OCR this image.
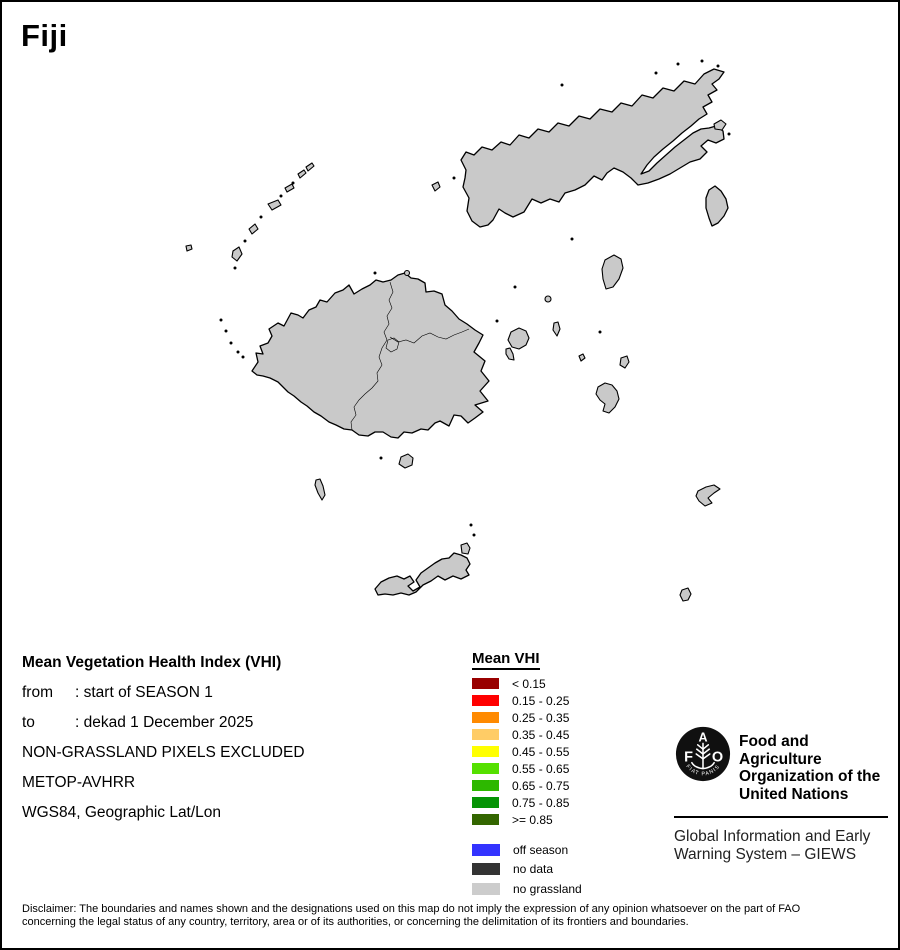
Fiji
Mean Vegetation Health Index (VHI)
from	: start of SEASON 1
to	: dekad 1 December 2025
NON-GRASSLAND PIXELS EXCLUDED
METOP-AVHRR
WGS84, Geographic Lat/Lon
Mean VHI
< 0.15
0.15 - 0.25
0.25 - 0.35
0.35 - 0.45
0.45 - 0.55
0.55 - 0.65
0.65 - 0.75
0.75 - 0.85
>= 0.85
off season
no data
no grassland
F
A
O
FIAT PANIS
Food and Agriculture
Organization of the
United Nations
Global Information and Early
Warning System – GIEWS
Disclaimer: The boundaries and names shown and the designations used on this map do not imply the expression of any opinion whatsoever on the part of FAO
concerning the legal status of any country, territory, area or of its authorities, or concerning the delimitation of its frontiers and boundaries.
